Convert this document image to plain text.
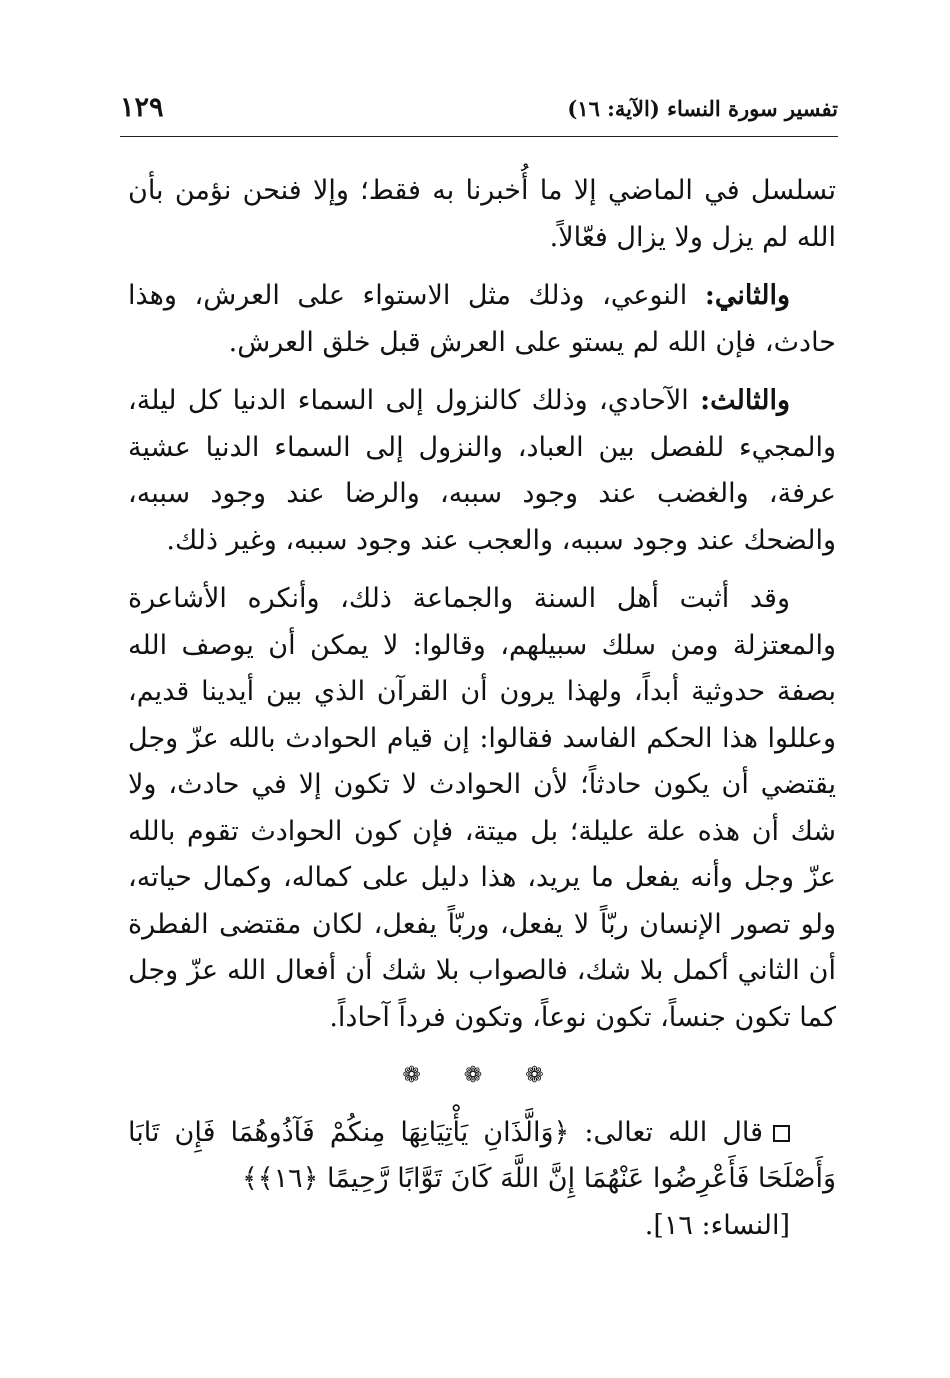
تفسير سورة النساء (الآية: ١٦)
١٢٩

تسلسل في الماضي إلا ما أُخبرنا به فقط؛ وإلا فنحن نؤمن بأن الله لم يزل ولا يزال فعّالاً.

والثاني: النوعي، وذلك مثل الاستواء على العرش، وهذا حادث، فإن الله لم يستو على العرش قبل خلق العرش.

والثالث: الآحادي، وذلك كالنزول إلى السماء الدنيا كل ليلة، والمجيء للفصل بين العباد، والنزول إلى السماء الدنيا عشية عرفة، والغضب عند وجود سببه، والرضا عند وجود سببه، والضحك عند وجود سببه، والعجب عند وجود سببه، وغير ذلك.

وقد أثبت أهل السنة والجماعة ذلك، وأنكره الأشاعرة والمعتزلة ومن سلك سبيلهم، وقالوا: لا يمكن أن يوصف الله بصفة حدوثية أبداً، ولهذا يرون أن القرآن الذي بين أيدينا قديم، وعللوا هذا الحكم الفاسد فقالوا: إن قيام الحوادث بالله عزّ وجل يقتضي أن يكون حادثاً؛ لأن الحوادث لا تكون إلا في حادث، ولا شك أن هذه علة عليلة؛ بل ميتة، فإن كون الحوادث تقوم بالله عزّ وجل وأنه يفعل ما يريد، هذا دليل على كماله، وكمال حياته، ولو تصور الإنسان ربّاً لا يفعل، وربّاً يفعل، لكان مقتضى الفطرة أن الثاني أكمل بلا شك، فالصواب بلا شك أن أفعال الله عزّ وجل كما تكون جنساً، تكون نوعاً، وتكون فرداً آحاداً.

❁ ❁ ❁

قال الله تعالى: ﴿وَالَّذَانِ يَأْتِيَانِهَا مِنكُمْ فَآذُوهُمَا فَإِن تَابَا وَأَصْلَحَا فَأَعْرِضُوا عَنْهُمَا إِنَّ اللَّهَ كَانَ تَوَّابًا رَّحِيمًا ﴿١٦﴾﴾
[النساء: ١٦].
